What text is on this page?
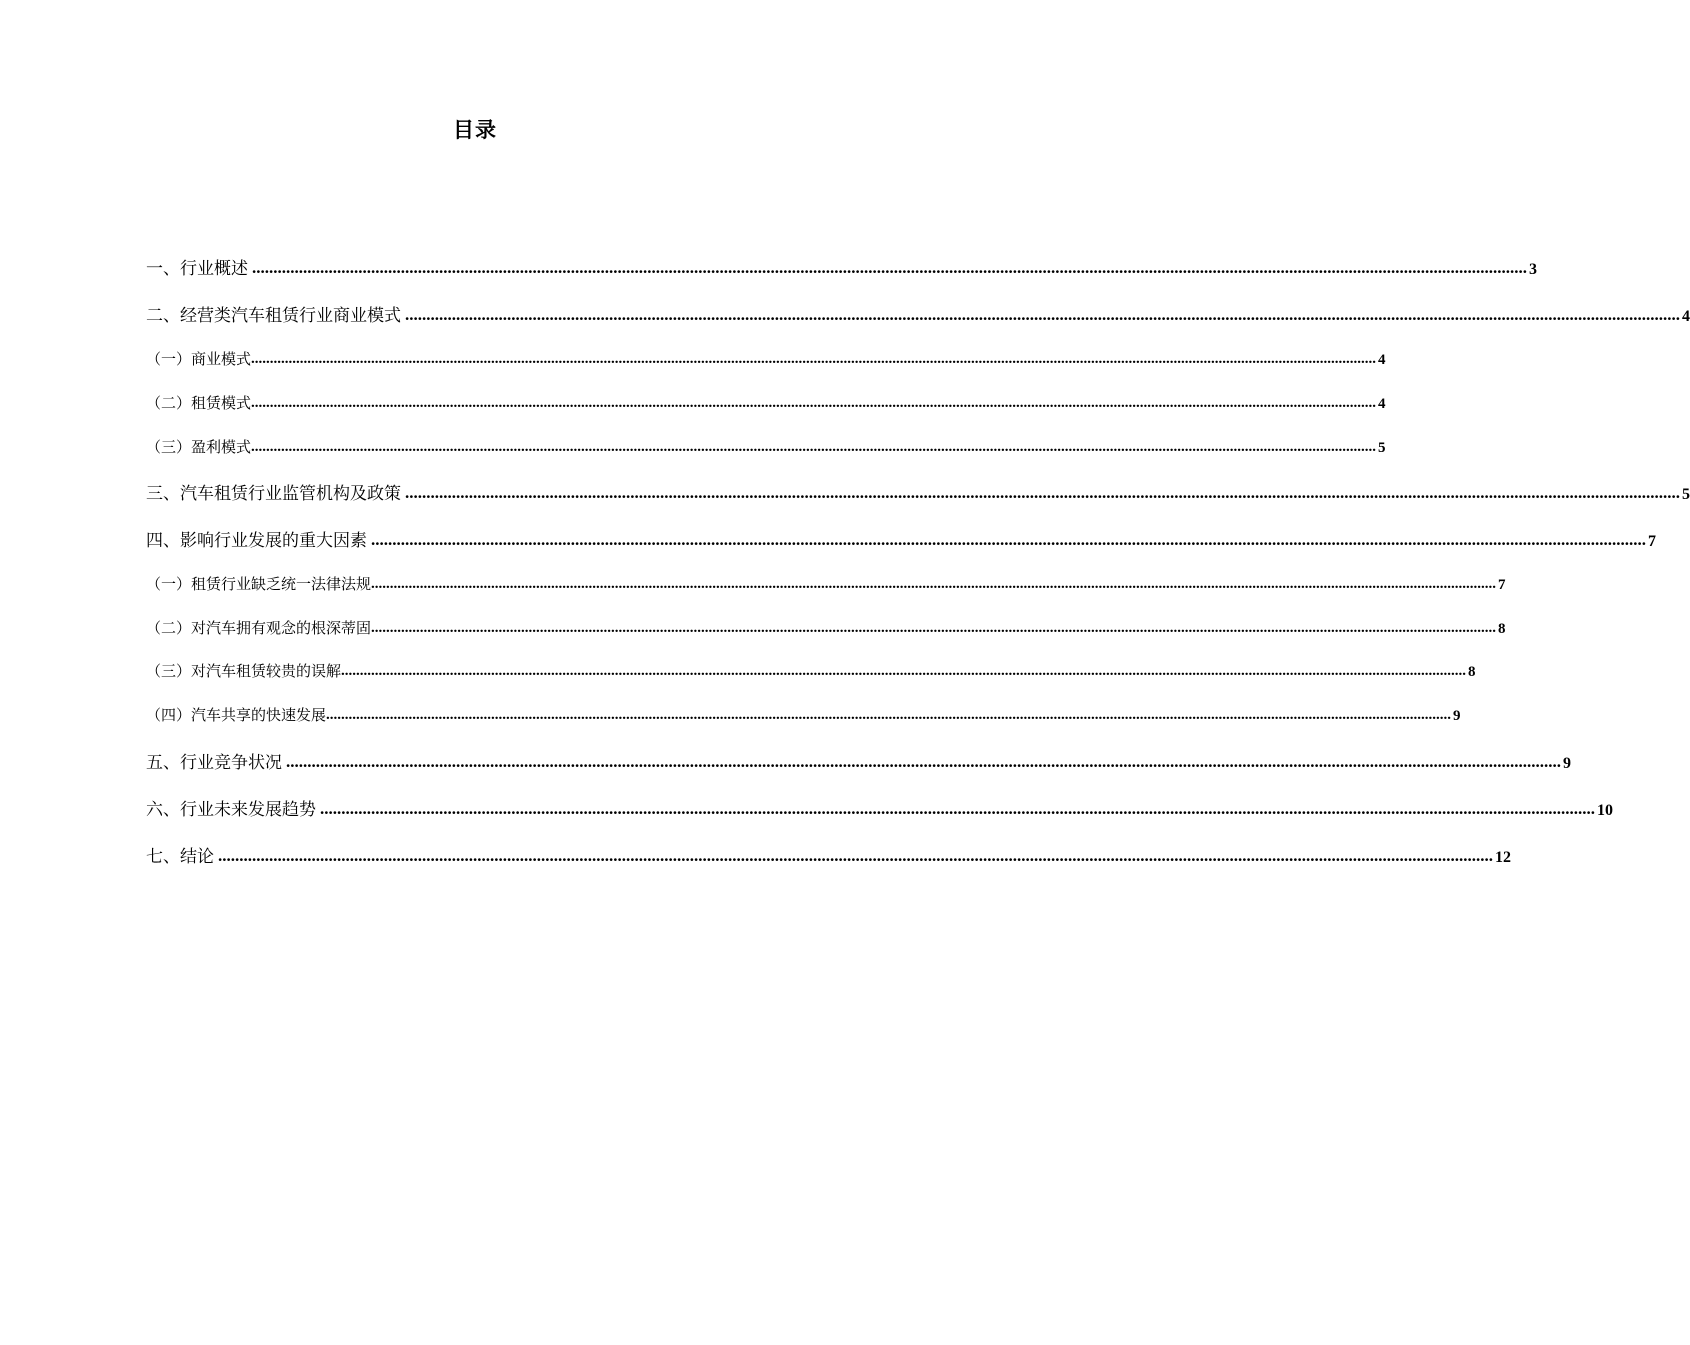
目录
一、行业概述 ............................................................................................................................................................................................................................................................................................................ 3
二、经营类汽车租赁行业商业模式 ............................................................................................................................................................................................................................................................................................................ 4
（一）商业模式 ............................................................................................................................................................................................................................................................................................................ 4
（二）租赁模式 ............................................................................................................................................................................................................................................................................................................ 4
（三）盈利模式 ............................................................................................................................................................................................................................................................................................................ 5
三、汽车租赁行业监管机构及政策 ............................................................................................................................................................................................................................................................................................................ 5
四、影响行业发展的重大因素 ............................................................................................................................................................................................................................................................................................................ 7
（一）租赁行业缺乏统一法律法规 ............................................................................................................................................................................................................................................................................................................ 7
（二）对汽车拥有观念的根深蒂固 ............................................................................................................................................................................................................................................................................................................ 8
（三）对汽车租赁较贵的误解 ............................................................................................................................................................................................................................................................................................................ 8
（四）汽车共享的快速发展 ............................................................................................................................................................................................................................................................................................................ 9
五、行业竞争状况 ............................................................................................................................................................................................................................................................................................................ 9
六、行业未来发展趋势 ............................................................................................................................................................................................................................................................................................................ 10
七、结论 ............................................................................................................................................................................................................................................................................................................ 12
